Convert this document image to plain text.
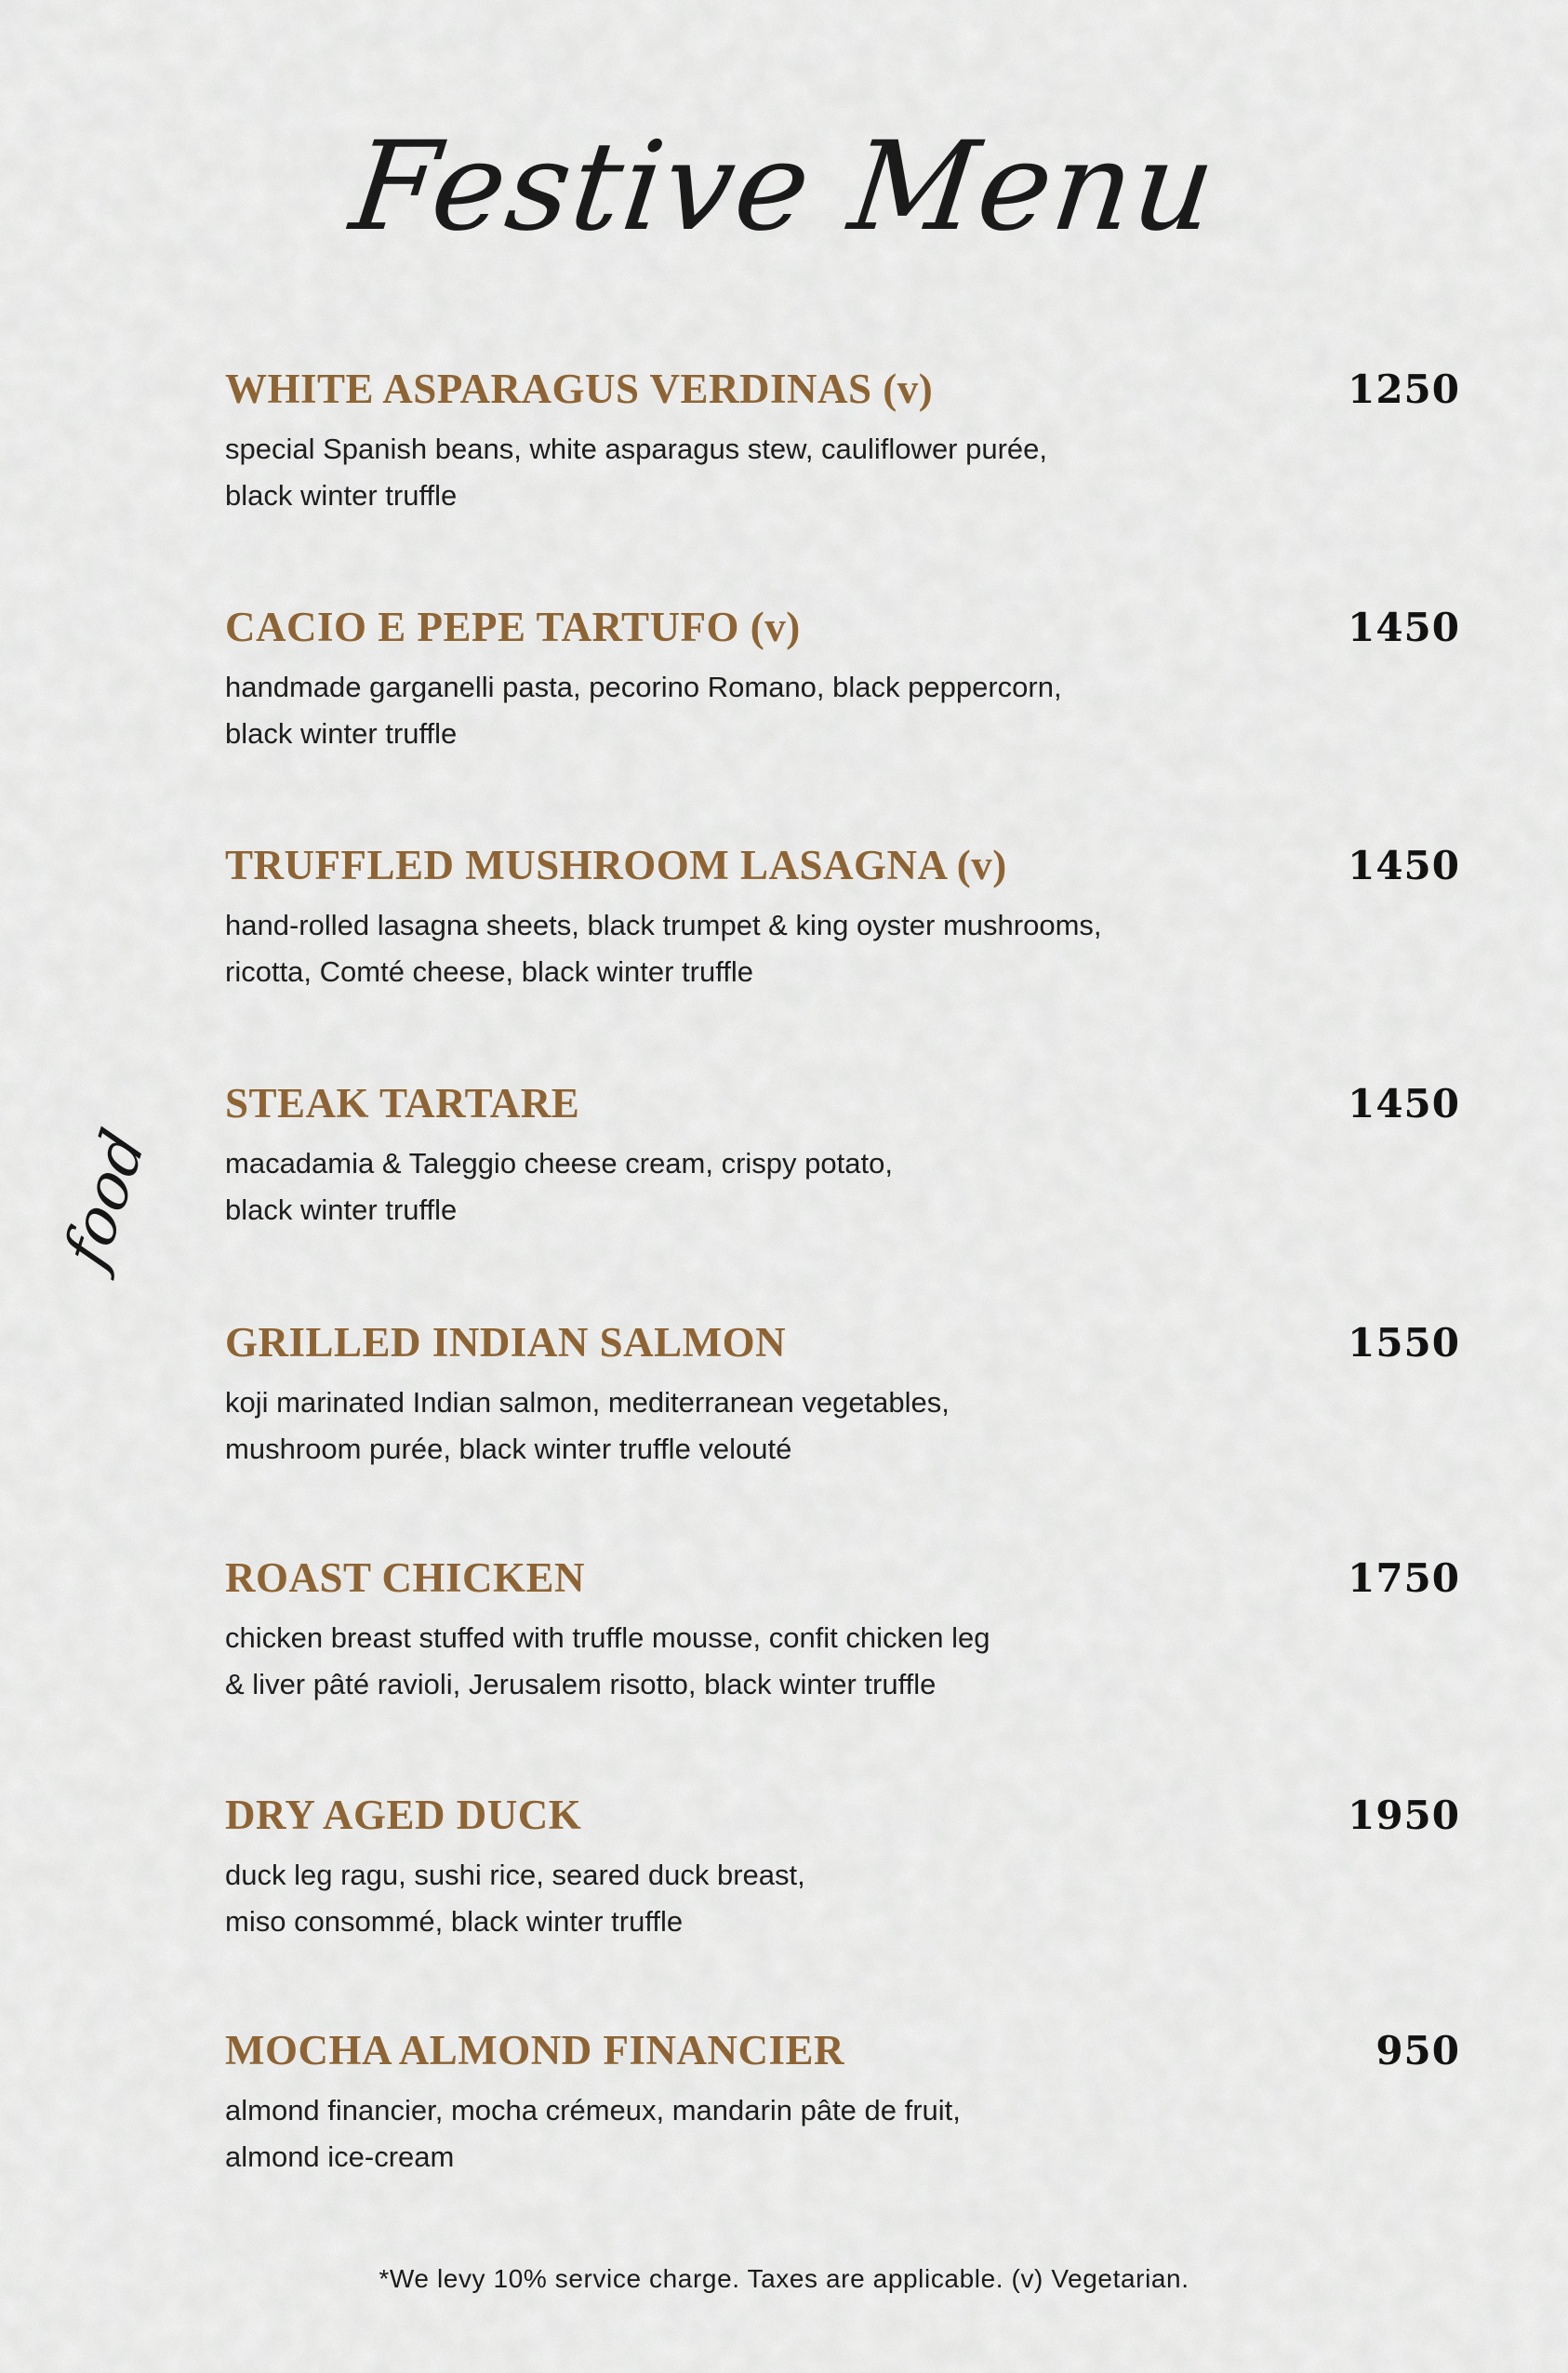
Festive Menu
food
WHITE ASPARAGUS VERDINAS (v)	1250
special Spanish beans, white asparagus stew, cauliflower purée,
black winter truffle
CACIO E PEPE TARTUFO (v)	1450
handmade garganelli pasta, pecorino Romano, black peppercorn,
black winter truffle
TRUFFLED MUSHROOM LASAGNA (v)	1450
hand-rolled lasagna sheets, black trumpet & king oyster mushrooms,
ricotta, Comté cheese, black winter truffle
STEAK TARTARE	1450
macadamia & Taleggio cheese cream, crispy potato,
black winter truffle
GRILLED INDIAN SALMON	1550
koji marinated Indian salmon, mediterranean vegetables,
mushroom purée, black winter truffle velouté
ROAST CHICKEN	1750
chicken breast stuffed with truffle mousse, confit chicken leg
& liver pâté ravioli, Jerusalem risotto, black winter truffle
DRY AGED DUCK	1950
duck leg ragu, sushi rice, seared duck breast,
miso consommé, black winter truffle
MOCHA ALMOND FINANCIER	950
almond financier, mocha crémeux, mandarin pâte de fruit,
almond ice-cream
*We levy 10% service charge. Taxes are applicable. (v) Vegetarian.
